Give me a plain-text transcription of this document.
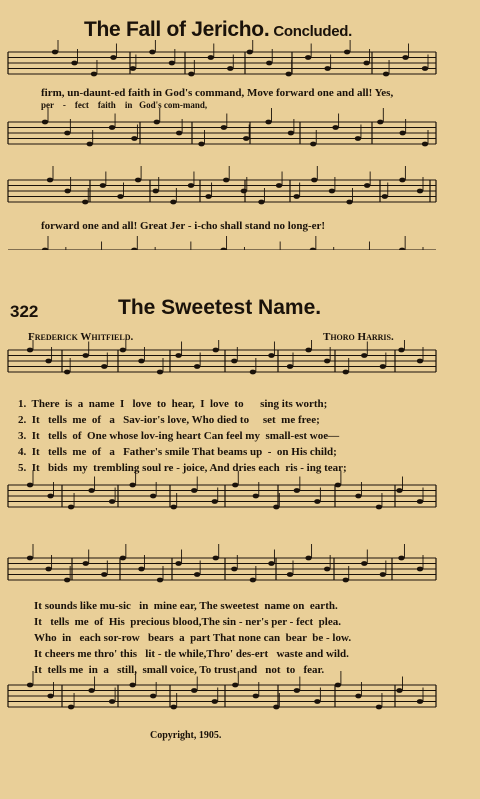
The Fall of Jericho. Concluded.
firm, un-daunt-ed faith in God's command, Move forward one and all! Yes,
per    -    fect    faith    in   God's com-mand,
forward one and all! Great Jer - i-cho shall stand no long-er!
322	The Sweetest Name.
Frederick Whitfield.	Thoro Harris.
1.  There  is  a  name  I   love  to  hear,  I  love  to      sing its worth;
2.  It   tells  me  of   a   Sav-ior's love, Who died to     set  me free;
3.  It   tells  of  One whose lov-ing heart Can feel my  small-est woe—
4.  It   tells  me  of   a   Father's smile That beams up  -  on His child;
5.  It   bids  my  trembling soul re - joice, And dries each  ris - ing tear;
It sounds like mu-sic   in  mine ear, The sweetest  name on  earth.
It   tells  me  of  His  precious blood,The sin - ner's per - fect  plea.
Who  in   each sor-row   bears  a  part That none can  bear  be - low.
It cheers me thro' this   lit - tle while,Thro' des-ert   waste and wild.
It  tells me  in  a   still,  small voice, To trust and   not  to   fear.
Copyright, 1905.
